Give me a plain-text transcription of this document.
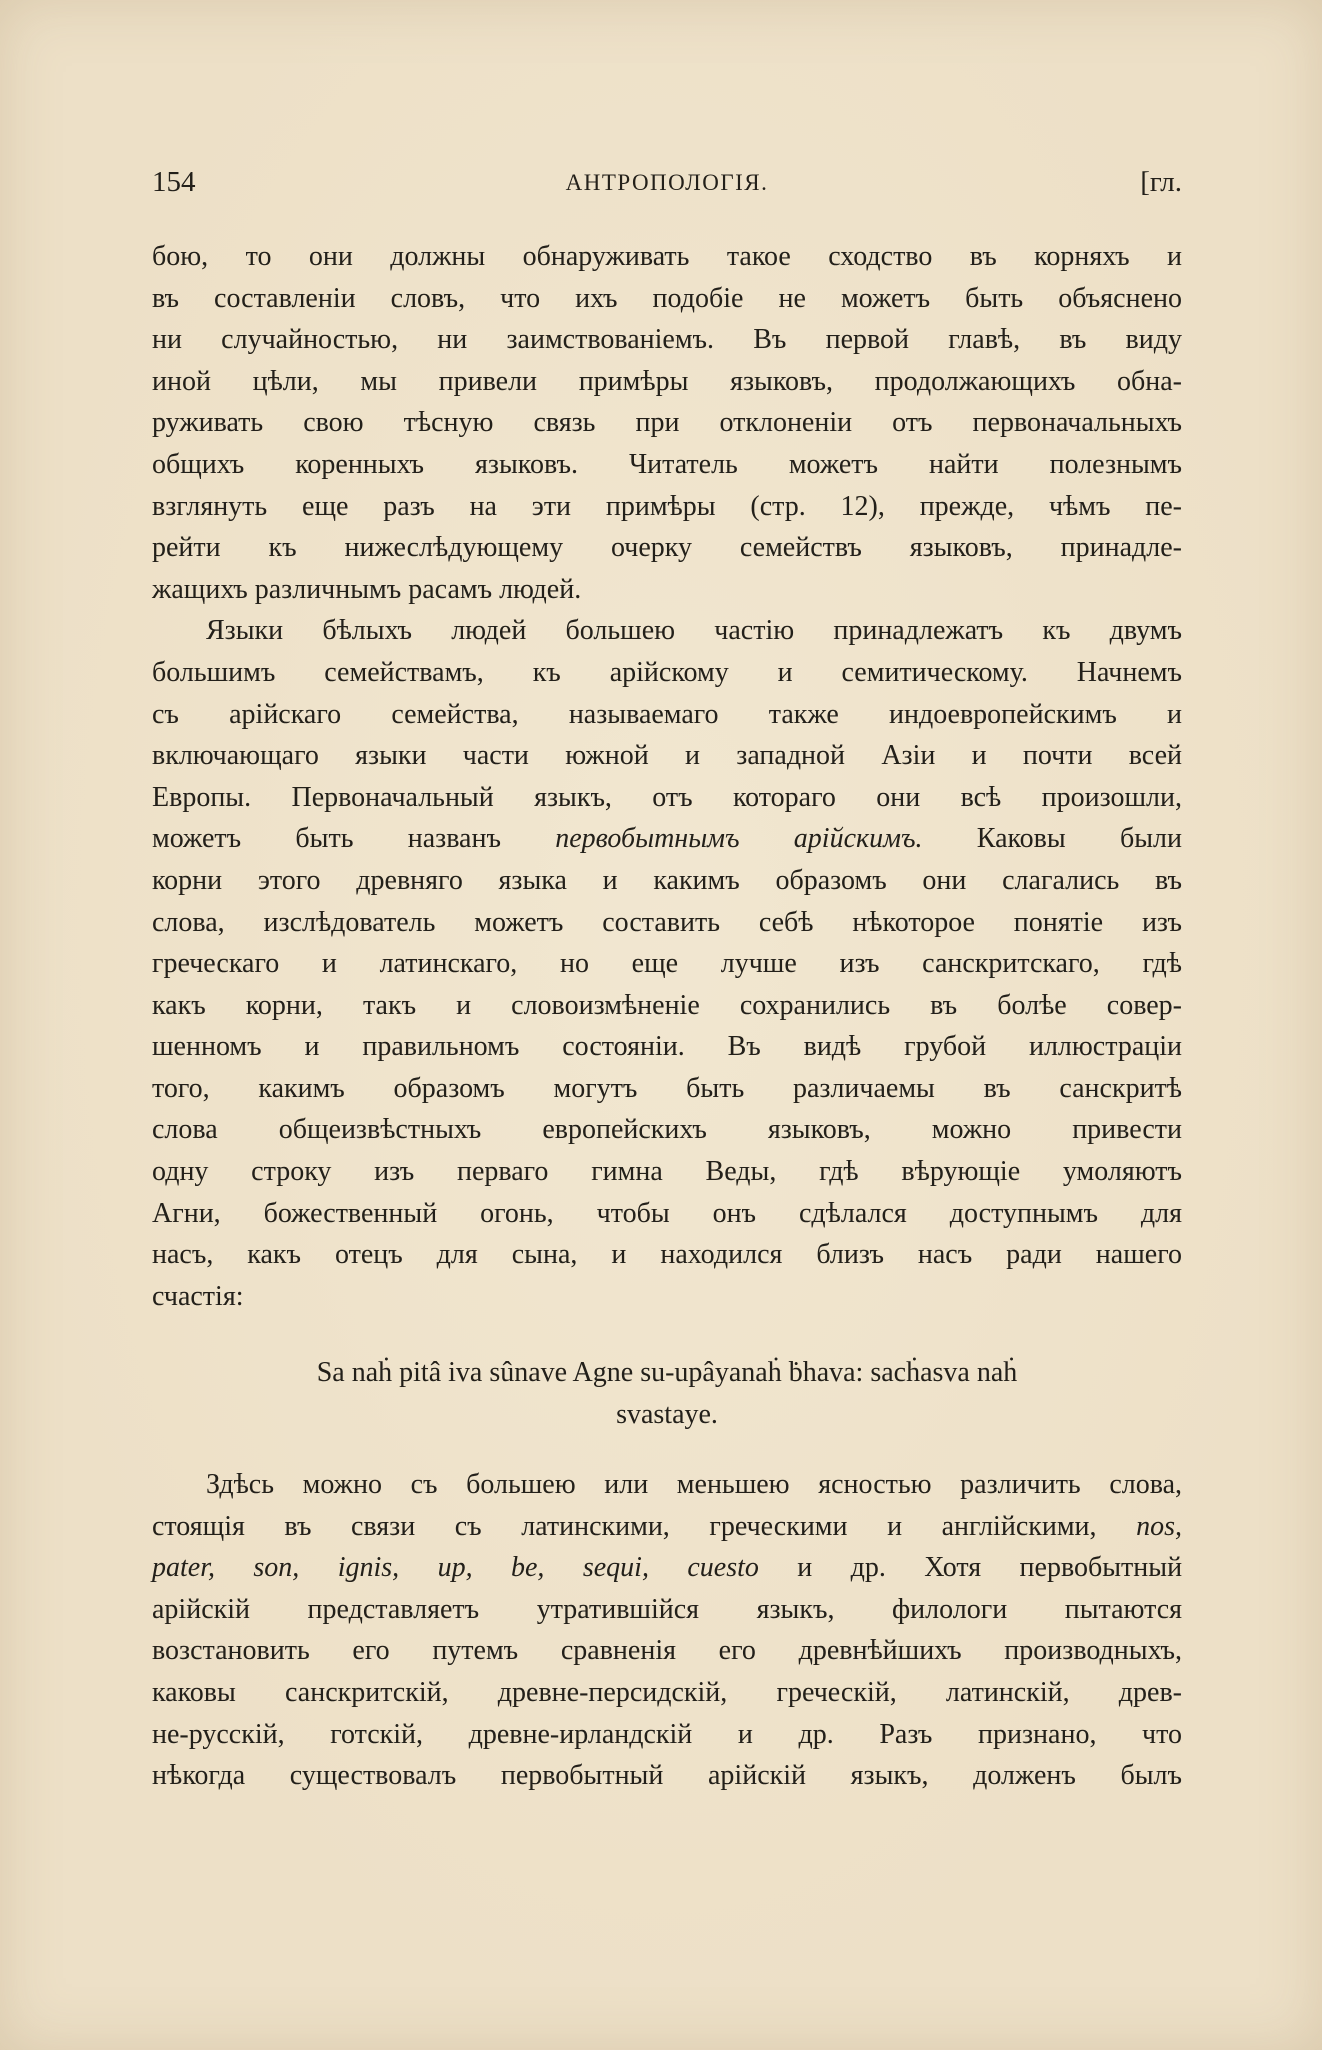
154	АНТРОПОЛОГІЯ.	[гл.
бою, то они должны обнаруживать такое сходство въ корняхъ и
въ составленіи словъ, что ихъ подобіе не можетъ быть объяснено
ни случайностью, ни заимствованіемъ. Въ первой главѣ, въ виду
иной цѣли, мы привели примѣры языковъ, продолжающихъ обна-
руживать свою тѣсную связь при отклоненіи отъ первоначальныхъ
общихъ коренныхъ языковъ. Читатель можетъ найти полезнымъ
взглянуть еще разъ на эти примѣры (стр. 12), прежде, чѣмъ пе-
рейти къ нижеслѣдующему очерку семействъ языковъ, принадле-
жащихъ различнымъ расамъ людей.
Языки бѣлыхъ людей большею частію принадлежатъ къ двумъ
большимъ семействамъ, къ арійскому и семитическому. Начнемъ
съ арійскаго семейства, называемаго также индоевропейскимъ и
включающаго языки части южной и западной Азіи и почти всей
Европы. Первоначальный языкъ, отъ котораго они всѣ произошли,
можетъ быть названъ первобытнымъ арійскимъ. Каковы были
корни этого древняго языка и какимъ образомъ они слагались въ
слова, изслѣдователь можетъ составить себѣ нѣкоторое понятіе изъ
греческаго и латинскаго, но еще лучше изъ санскритскаго, гдѣ
какъ корни, такъ и словоизмѣненіе сохранились въ болѣе совер-
шенномъ и правильномъ состояніи. Въ видѣ грубой иллюстраціи
того, какимъ образомъ могутъ быть различаемы въ санскритѣ
слова общеизвѣстныхъ европейскихъ языковъ, можно привести
одну строку изъ перваго гимна Веды, гдѣ вѣрующіе умоляютъ
Агни, божественный огонь, чтобы онъ сдѣлался доступнымъ для
насъ, какъ отецъ для сына, и находился близъ насъ ради нашего
счастія:
Sa naḣ pitâ iva sûnave Agne su-upâyanaḣ ḃhava: sacḣasva naḣ
svastaye.
Здѣсь можно съ большею или меньшею ясностью различить слова,
стоящія въ связи съ латинскими, греческими и англійскими, nos,
pater, son, ignis, up, be, sequi, cuesto и др. Хотя первобытный
арійскій представляетъ утратившійся языкъ, филологи пытаются
возстановить его путемъ сравненія его древнѣйшихъ производныхъ,
каковы санскритскій, древне-персидскій, греческій, латинскій, древ-
не-русскій, готскій, древне-ирландскій и др. Разъ признано, что
нѣкогда существовалъ первобытный арійскій языкъ, долженъ былъ
